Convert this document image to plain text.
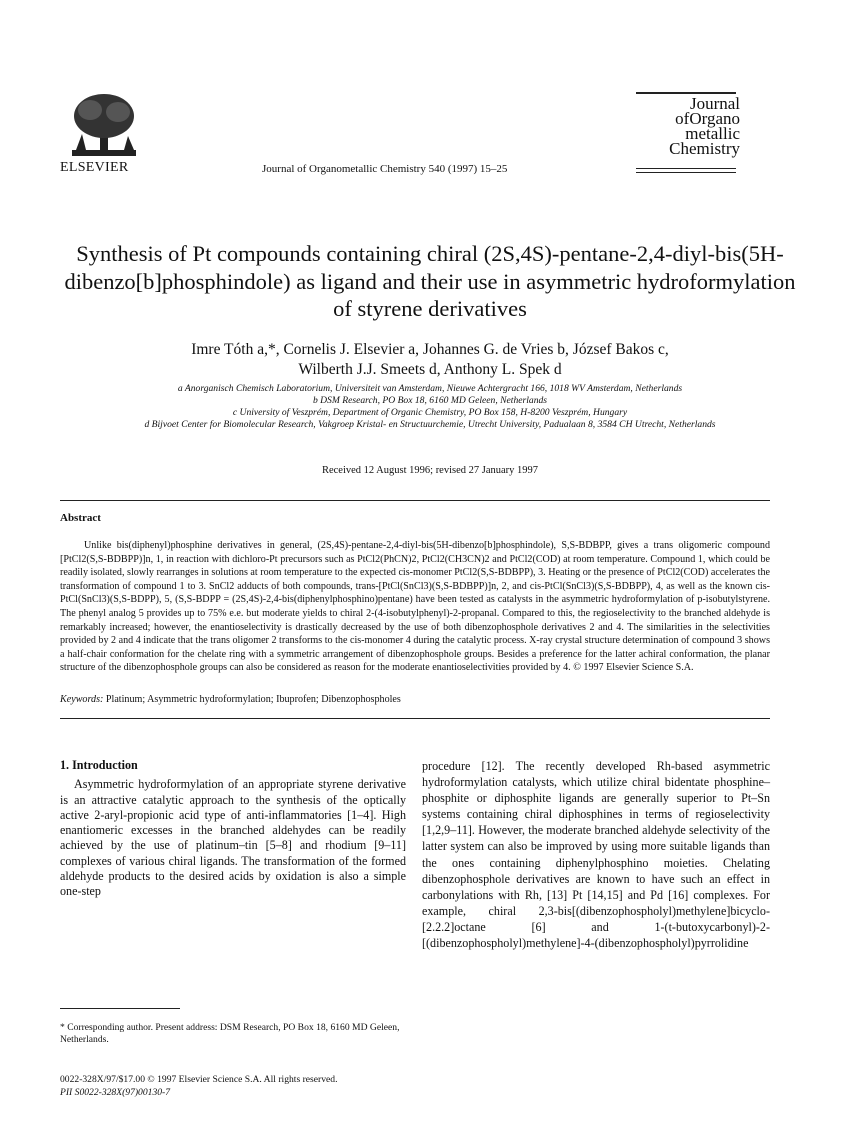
ELSEVIER	Journal of Organometallic Chemistry 540 (1997) 15–25
Journal
ofOrgano
metallic
Chemistry
Synthesis of Pt compounds containing chiral (2S,4S)-pentane-2,4-diyl-bis(5H-dibenzo[b]phosphindole) as ligand and their use in asymmetric hydroformylation of styrene derivatives
Imre Tóth a,*, Cornelis J. Elsevier a, Johannes G. de Vries b, József Bakos c,
Wilberth J.J. Smeets d, Anthony L. Spek d
a Anorganisch Chemisch Laboratorium, Universiteit van Amsterdam, Nieuwe Achtergracht 166, 1018 WV Amsterdam, Netherlands
b DSM Research, PO Box 18, 6160 MD Geleen, Netherlands
c University of Veszprém, Department of Organic Chemistry, PO Box 158, H-8200 Veszprém, Hungary
d Bijvoet Center for Biomolecular Research, Vakgroep Kristal- en Structuurchemie, Utrecht University, Padualaan 8, 3584 CH Utrecht, Netherlands
Received 12 August 1996; revised 27 January 1997
Abstract
Unlike bis(diphenyl)phosphine derivatives in general, (2S,4S)-pentane-2,4-diyl-bis(5H-dibenzo[b]phosphindole), S,S-BDBPP, gives a trans oligomeric compound [PtCl2(S,S-BDBPP)]n, 1, in reaction with dichloro-Pt precursors such as PtCl2(PhCN)2, PtCl2(CH3CN)2 and PtCl2(COD) at room temperature. Compound 1, which could be readily isolated, slowly rearranges in solutions at room temperature to the expected cis-monomer PtCl2(S,S-BDBPP), 3. Heating or the presence of PtCl2(COD) accelerates the transformation of compound 1 to 3. SnCl2 adducts of both compounds, trans-[PtCl(SnCl3)(S,S-BDBPP)]n, 2, and cis-PtCl(SnCl3)(S,S-BDBPP), 4, as well as the known cis-PtCl(SnCl3)(S,S-BDPP), 5, (S,S-BDPP = (2S,4S)-2,4-bis(diphenylphosphino)pentane) have been tested as catalysts in the asymmetric hydroformylation of p-isobutylstyrene. The phenyl analog 5 provides up to 75% e.e. but moderate yields to chiral 2-(4-isobutylphenyl)-2-propanal. Compared to this, the regioselectivity to the branched aldehyde is remarkably increased; however, the enantioselectivity is drastically decreased by the use of both dibenzophosphole derivatives 2 and 4. The similarities in the selectivities provided by 2 and 4 indicate that the trans oligomer 2 transforms to the cis-monomer 4 during the catalytic process. X-ray crystal structure determination of compound 3 shows a half-chair conformation for the chelate ring with a symmetric arrangement of dibenzophosphole groups. Besides a preference for the latter achiral conformation, the planar structure of the dibenzophosphole groups can also be considered as reason for the moderate enantioselectivities provided by 4. © 1997 Elsevier Science S.A.
Keywords: Platinum; Asymmetric hydroformylation; Ibuprofen; Dibenzophospholes
1. Introduction

Asymmetric hydroformylation of an appropriate styrene derivative is an attractive catalytic approach to the synthesis of the optically active 2-aryl-propionic acid type of anti-inflammatories [1–4]. High enantiomeric excesses in the branched aldehydes can be readily achieved by the use of platinum–tin [5–8] and rhodium [9–11] complexes of various chiral ligands. The transformation of the formed aldehyde products to the desired acids by oxidation is also a simple one-step

procedure [12]. The recently developed Rh-based asymmetric hydroformylation catalysts, which utilize chiral bidentate phosphine–phosphite or diphosphite ligands are generally superior to Pt–Sn systems containing chiral diphosphines in terms of regioselectivity [1,2,9–11]. However, the moderate branched aldehyde selectivity of the latter system can also be improved by using more suitable ligands than the ones containing diphenylphosphino moieties. Chelating dibenzophosphole derivatives are known to have such an effect in carbonylations with Rh, [13] Pt [14,15] and Pd [16] complexes. For example, chiral 2,3-bis[(dibenzophospholyl)methylene]bicyclo-[2.2.2]octane [6] and 1-(t-butoxycarbonyl)-2-[(dibenzophospholyl)methylene]-4-(dibenzophospholyl)pyrrolidine

* Corresponding author. Present address: DSM Research, PO Box 18, 6160 MD Geleen, Netherlands.
0022-328X/97/$17.00 © 1997 Elsevier Science S.A. All rights reserved.
PII S0022-328X(97)00130-7
